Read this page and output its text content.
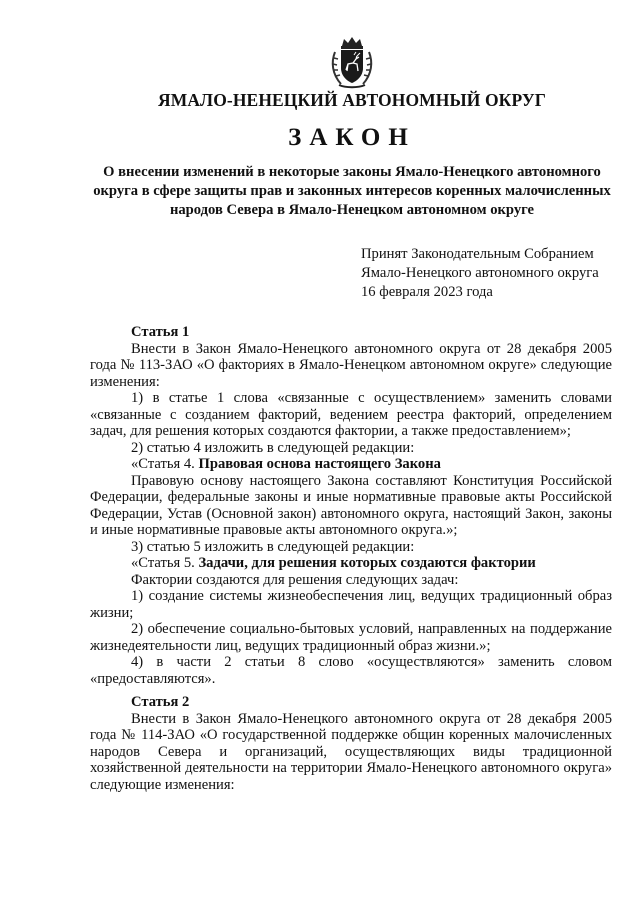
ЯМАЛО-НЕНЕЦКИЙ АВТОНОМНЫЙ ОКРУГ
ЗАКОН
О внесении изменений в некоторые законы Ямало-Ненецкого автономного округа в сфере защиты прав и законных интересов коренных малочисленных народов Севера в Ямало-Ненецком автономном округе
Принят Законодательным Собранием
Ямало-Ненецкого автономного округа
16 февраля 2023 года

Статья 1

Внести в Закон Ямало-Ненецкого автономного округа от 28 декабря 2005 года № 113-ЗАО «О факториях в Ямало-Ненецком автономном округе» следующие изменения:

1) в статье 1 слова «связанные с осуществлением» заменить словами «связанные с созданием факторий, ведением реестра факторий, определением задач, для решения которых создаются фактории, а также предоставлением»;

2) статью 4 изложить в следующей редакции:

«Статья 4. Правовая основа настоящего Закона

Правовую основу настоящего Закона составляют Конституция Российской Федерации, федеральные законы и иные нормативные правовые акты Российской Федерации, Устав (Основной закон) автономного округа, настоящий Закон, законы и иные нормативные правовые акты автономного округа.»;

3) статью 5 изложить в следующей редакции:

«Статья 5. Задачи, для решения которых создаются фактории

Фактории создаются для решения следующих задач:

1) создание системы жизнеобеспечения лиц, ведущих традиционный образ жизни;

2) обеспечение социально-бытовых условий, направленных на поддержание жизнедеятельности лиц, ведущих традиционный образ жизни.»;

4) в части 2 статьи 8 слово «осуществляются» заменить словом «предоставляются».

Статья 2

Внести в Закон Ямало-Ненецкого автономного округа от 28 декабря 2005 года № 114-ЗАО «О государственной поддержке общин коренных малочисленных народов Севера и организаций, осуществляющих виды традиционной хозяйственной деятельности на территории Ямало-Ненецкого автономного округа» следующие изменения:
